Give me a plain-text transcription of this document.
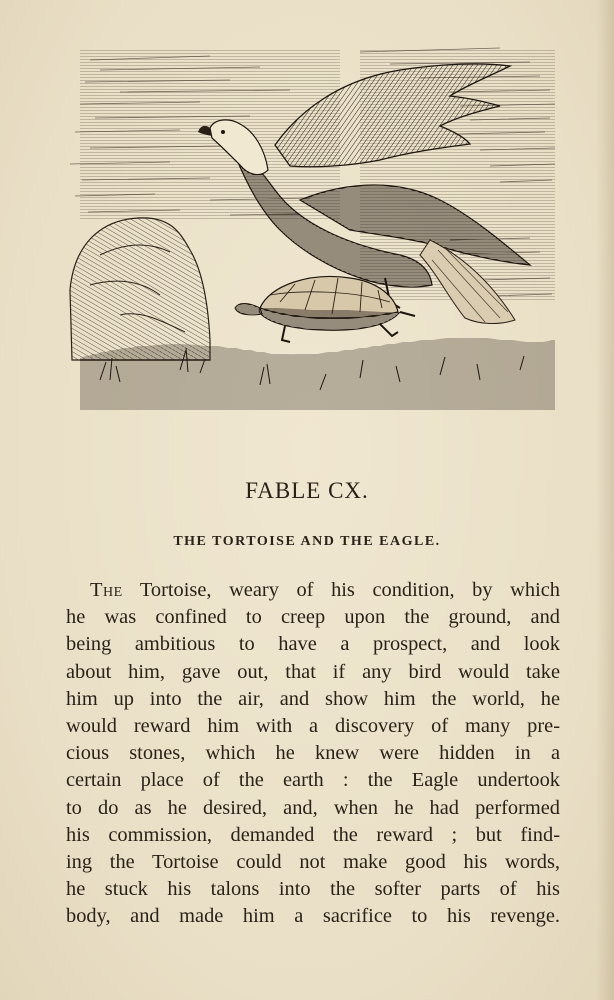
FABLE CX.
THE TORTOISE AND THE EAGLE.
The Tortoise, weary of his condition, by which
he was confined to creep upon the ground, and
being ambitious to have a prospect, and look
about him, gave out, that if any bird would take
him up into the air, and show him the world, he
would reward him with a discovery of many pre-
cious stones, which he knew were hidden in a
certain place of the earth : the Eagle undertook
to do as he desired, and, when he had performed
his commission, demanded the reward ; but find-
ing the Tortoise could not make good his words,
he stuck his talons into the softer parts of his
body, and made him a sacrifice to his revenge.
